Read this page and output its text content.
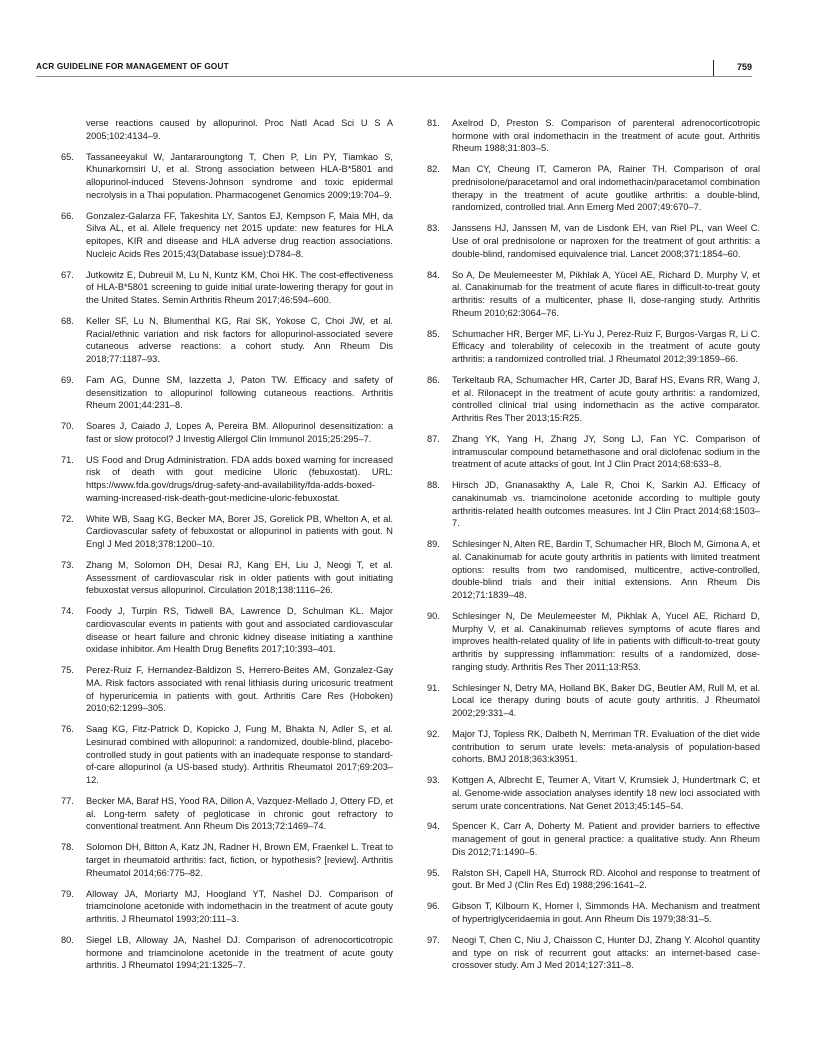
ACR GUIDELINE FOR MANAGEMENT OF GOUT	759
verse reactions caused by allopurinol. Proc Natl Acad Sci U S A 2005;102:4134–9.
65. Tassaneeyakul W, Jantararoungtong T, Chen P, Lin PY, Tiamkao S, Khunarkornsiri U, et al. Strong association between HLA-B*5801 and allopurinol-induced Stevens-Johnson syndrome and toxic epidermal necrolysis in a Thai population. Pharmacogenet Genomics 2009;19:704–9.
66. Gonzalez-Galarza FF, Takeshita LY, Santos EJ, Kempson F, Maia MH, da Silva AL, et al. Allele frequency net 2015 update: new features for HLA epitopes, KIR and disease and HLA adverse drug reaction associations. Nucleic Acids Res 2015;43(Database issue):D784–8.
67. Jutkowitz E, Dubreuil M, Lu N, Kuntz KM, Choi HK. The cost-effectiveness of HLA-B*5801 screening to guide initial urate-lowering therapy for gout in the United States. Semin Arthritis Rheum 2017;46:594–600.
68. Keller SF, Lu N, Blumenthal KG, Rai SK, Yokose C, Choi JW, et al. Racial/ethnic variation and risk factors for allopurinol-associated severe cutaneous adverse reactions: a cohort study. Ann Rheum Dis 2018;77:1187–93.
69. Fam AG, Dunne SM, Iazzetta J, Paton TW. Efficacy and safety of desensitization to allopurinol following cutaneous reactions. Arthritis Rheum 2001;44:231–8.
70. Soares J, Caiado J, Lopes A, Pereira BM. Allopurinol desensitization: a fast or slow protocol? J Investig Allergol Clin Immunol 2015;25:295–7.
71. US Food and Drug Administration. FDA adds boxed warning for increased risk of death with gout medicine Uloric (febuxostat). URL: https://www.fda.gov/drugs/drug-safety-and-availability/fda-adds-boxed-warning-increased-risk-death-gout-medicine-uloric-febuxostat.
72. White WB, Saag KG, Becker MA, Borer JS, Gorelick PB, Whelton A, et al. Cardiovascular safety of febuxostat or allopurinol in patients with gout. N Engl J Med 2018;378:1200–10.
73. Zhang M, Solomon DH, Desai RJ, Kang EH, Liu J, Neogi T, et al. Assessment of cardiovascular risk in older patients with gout initiating febuxostat versus allopurinol. Circulation 2018;138:1116–26.
74. Foody J, Turpin RS, Tidwell BA, Lawrence D, Schulman KL. Major cardiovascular events in patients with gout and associated cardiovascular disease or heart failure and chronic kidney disease initiating a xanthine oxidase inhibitor. Am Health Drug Benefits 2017;10:393–401.
75. Perez-Ruiz F, Hernandez-Baldizon S, Herrero-Beites AM, Gonzalez-Gay MA. Risk factors associated with renal lithiasis during uricosuric treatment of hyperuricemia in patients with gout. Arthritis Care Res (Hoboken) 2010;62:1299–305.
76. Saag KG, Fitz-Patrick D, Kopicko J, Fung M, Bhakta N, Adler S, et al. Lesinurad combined with allopurinol: a randomized, double-blind, placebo-controlled study in gout patients with an inadequate response to standard-of-care allopurinol (a US-based study). Arthritis Rheumatol 2017;69:203–12.
77. Becker MA, Baraf HS, Yood RA, Dillon A, Vazquez-Mellado J, Ottery FD, et al. Long-term safety of pegloticase in chronic gout refractory to conventional treatment. Ann Rheum Dis 2013;72:1469–74.
78. Solomon DH, Bitton A, Katz JN, Radner H, Brown EM, Fraenkel L. Treat to target in rheumatoid arthritis: fact, fiction, or hypothesis? [review]. Arthritis Rheumatol 2014;66:775–82.
79. Alloway JA, Moriarty MJ, Hoogland YT, Nashel DJ. Comparison of triamcinolone acetonide with indomethacin in the treatment of acute gouty arthritis. J Rheumatol 1993;20:111–3.
80. Siegel LB, Alloway JA, Nashel DJ. Comparison of adrenocorticotropic hormone and triamcinolone acetonide in the treatment of acute gouty arthritis. J Rheumatol 1994;21:1325–7.
81. Axelrod D, Preston S. Comparison of parenteral adrenocorticotropic hormone with oral indomethacin in the treatment of acute gout. Arthritis Rheum 1988;31:803–5.
82. Man CY, Cheung IT, Cameron PA, Rainer TH. Comparison of oral prednisolone/paracetamol and oral indomethacin/paracetamol combination therapy in the treatment of acute goutlike arthritis: a double-blind, randomized, controlled trial. Ann Emerg Med 2007;49:670–7.
83. Janssens HJ, Janssen M, van de Lisdonk EH, van Riel PL, van Weel C. Use of oral prednisolone or naproxen for the treatment of gout arthritis: a double-blind, randomised equivalence trial. Lancet 2008;371:1854–60.
84. So A, De Meulemeester M, Pikhlak A, Yücel AE, Richard D, Murphy V, et al. Canakinumab for the treatment of acute flares in difficult-to-treat gouty arthritis: results of a multicenter, phase II, dose-ranging study. Arthritis Rheum 2010;62:3064–76.
85. Schumacher HR, Berger MF, Li-Yu J, Perez-Ruiz F, Burgos-Vargas R, Li C. Efficacy and tolerability of celecoxib in the treatment of acute gouty arthritis: a randomized controlled trial. J Rheumatol 2012;39:1859–66.
86. Terkeltaub RA, Schumacher HR, Carter JD, Baraf HS, Evans RR, Wang J, et al. Rilonacept in the treatment of acute gouty arthritis: a randomized, controlled clinical trial using indomethacin as the active comparator. Arthritis Res Ther 2013;15:R25.
87. Zhang YK, Yang H, Zhang JY, Song LJ, Fan YC. Comparison of intramuscular compound betamethasone and oral diclofenac sodium in the treatment of acute attacks of gout. Int J Clin Pract 2014;68:633–8.
88. Hirsch JD, Gnanasakthy A, Lale R, Choi K, Sarkin AJ. Efficacy of canakinumab vs. triamcinolone acetonide according to multiple gouty arthritis-related health outcomes measures. Int J Clin Pract 2014;68:1503–7.
89. Schlesinger N, Alten RE, Bardin T, Schumacher HR, Bloch M, Gimona A, et al. Canakinumab for acute gouty arthritis in patients with limited treatment options: results from two randomised, multicentre, active-controlled, double-blind trials and their initial extensions. Ann Rheum Dis 2012;71:1839–48.
90. Schlesinger N, De Meulemeester M, Pikhlak A, Yucel AE, Richard D, Murphy V, et al. Canakinumab relieves symptoms of acute flares and improves health-related quality of life in patients with difficult-to-treat gouty arthritis by suppressing inflammation: results of a randomized, dose-ranging study. Arthritis Res Ther 2011;13:R53.
91. Schlesinger N, Detry MA, Holland BK, Baker DG, Beutler AM, Rull M, et al. Local ice therapy during bouts of acute gouty arthritis. J Rheumatol 2002;29:331–4.
92. Major TJ, Topless RK, Dalbeth N, Merriman TR. Evaluation of the diet wide contribution to serum urate levels: meta-analysis of population-based cohorts. BMJ 2018;363:k3951.
93. Kottgen A, Albrecht E, Teumer A, Vitart V, Krumsiek J, Hundertmark C, et al. Genome-wide association analyses identify 18 new loci associated with serum urate concentrations. Nat Genet 2013;45:145–54.
94. Spencer K, Carr A, Doherty M. Patient and provider barriers to effective management of gout in general practice: a qualitative study. Ann Rheum Dis 2012;71:1490–5.
95. Ralston SH, Capell HA, Sturrock RD. Alcohol and response to treatment of gout. Br Med J (Clin Res Ed) 1988;296:1641–2.
96. Gibson T, Kilbourn K, Horner I, Simmonds HA. Mechanism and treatment of hypertriglyceridaemia in gout. Ann Rheum Dis 1979;38:31–5.
97. Neogi T, Chen C, Niu J, Chaisson C, Hunter DJ, Zhang Y. Alcohol quantity and type on risk of recurrent gout attacks: an internet-based case-crossover study. Am J Med 2014;127:311–8.
